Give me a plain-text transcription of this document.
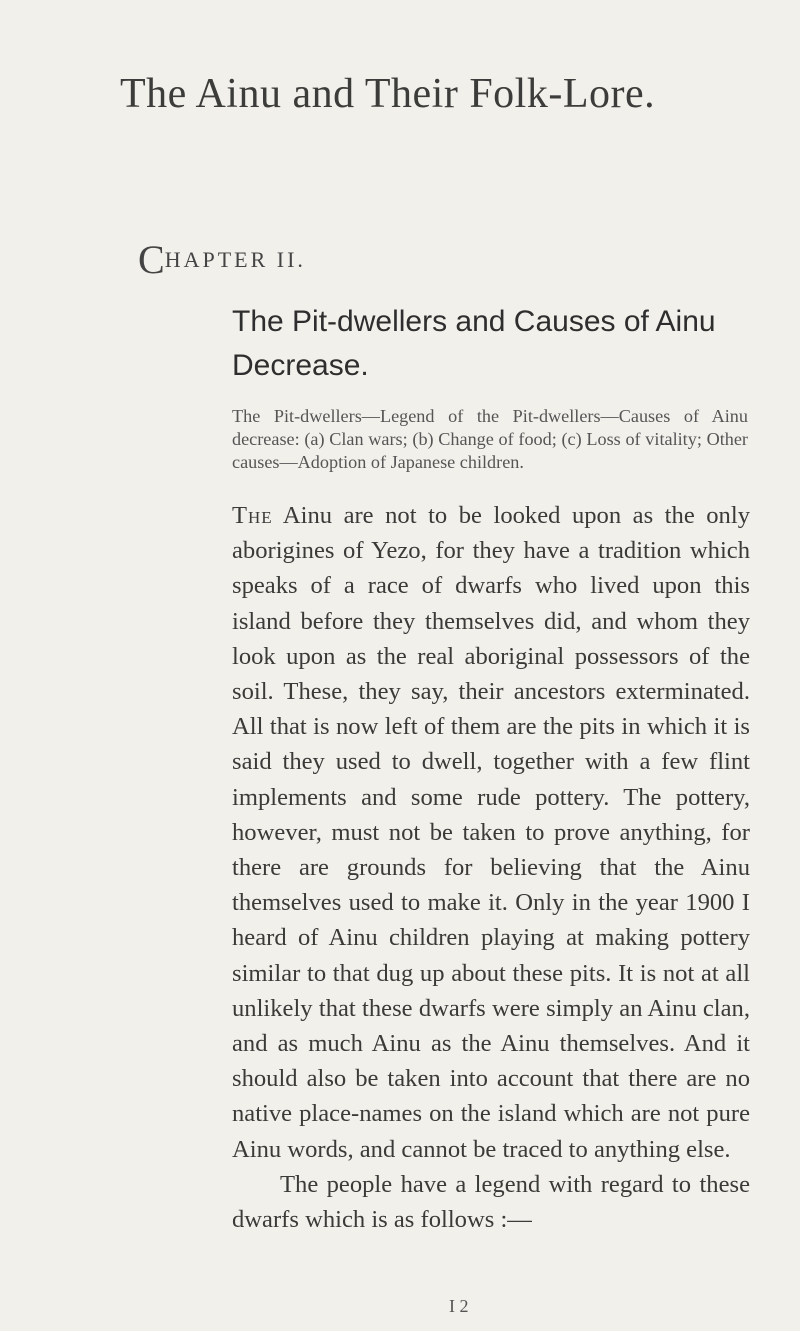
The Ainu and Their Folk-Lore.
CHAPTER II.
The Pit-dwellers and Causes of Ainu Decrease.

The Pit-dwellers—Legend of the Pit-dwellers—Causes of Ainu decrease: (a) Clan wars; (b) Change of food; (c) Loss of vitality; Other causes—Adoption of Japanese children.

The Ainu are not to be looked upon as the only aborigines of Yezo, for they have a tradition which speaks of a race of dwarfs who lived upon this island before they themselves did, and whom they look upon as the real aboriginal possessors of the soil. These, they say, their ancestors exterminated. All that is now left of them are the pits in which it is said they used to dwell, together with a few flint implements and some rude pottery. The pottery, however, must not be taken to prove anything, for there are grounds for believing that the Ainu themselves used to make it. Only in the year 1900 I heard of Ainu children playing at making pottery similar to that dug up about these pits. It is not at all unlikely that these dwarfs were simply an Ainu clan, and as much Ainu as the Ainu themselves. And it should also be taken into account that there are no native place-names on the island which are not pure Ainu words, and cannot be traced to anything else.

The people have a legend with regard to these dwarfs which is as follows :—

I 2
